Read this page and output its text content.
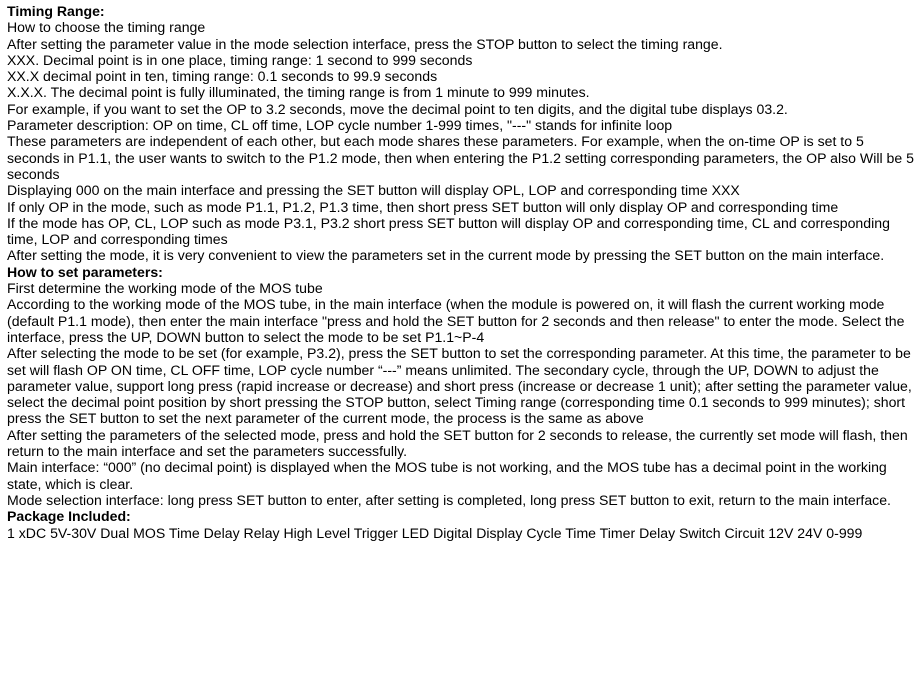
Timing Range:

How to choose the timing range

After setting the parameter value in the mode selection interface, press the STOP button to select the timing range.

XXX. Decimal point is in one place, timing range: 1 second to 999 seconds

XX.X decimal point in ten, timing range: 0.1 seconds to 99.9 seconds

X.X.X. The decimal point is fully illuminated, the timing range is from 1 minute to 999 minutes.

For example, if you want to set the OP to 3.2 seconds, move the decimal point to ten digits, and the digital tube displays 03.2.

Parameter description: OP on time, CL off time, LOP cycle number 1-999 times, "---" stands for infinite loop

These parameters are independent of each other, but each mode shares these parameters. For example, when the on-time OP is set to 5 seconds in P1.1, the user wants to switch to the P1.2 mode, then when entering the P1.2 setting corresponding parameters, the OP also Will be 5 seconds

Displaying 000 on the main interface and pressing the SET button will display OPL, LOP and corresponding time XXX

If only OP in the mode, such as mode P1.1, P1.2, P1.3 time, then short press SET button will only display OP and corresponding time

If the mode has OP, CL, LOP such as mode P3.1, P3.2 short press SET button will display OP and corresponding time, CL and corresponding time, LOP and corresponding times

After setting the mode, it is very convenient to view the parameters set in the current mode by pressing the SET button on the main interface.

How to set parameters:

First determine the working mode of the MOS tube

According to the working mode of the MOS tube, in the main interface (when the module is powered on, it will flash the current working mode (default P1.1 mode), then enter the main interface "press and hold the SET button for 2 seconds and then release" to enter the mode. Select the interface, press the UP, DOWN button to select the mode to be set P1.1~P-4

After selecting the mode to be set (for example, P3.2), press the SET button to set the corresponding parameter. At this time, the parameter to be set will flash OP ON time, CL OFF time, LOP cycle number “---” means unlimited. The secondary cycle, through the UP, DOWN to adjust the parameter value, support long press (rapid increase or decrease) and short press (increase or decrease 1 unit); after setting the parameter value, select the decimal point position by short pressing the STOP button, select Timing range (corresponding time 0.1 seconds to 999 minutes); short press the SET button to set the next parameter of the current mode, the process is the same as above

After setting the parameters of the selected mode, press and hold the SET button for 2 seconds to release, the currently set mode will flash, then return to the main interface and set the parameters successfully.

Main interface: “000” (no decimal point) is displayed when the MOS tube is not working, and the MOS tube has a decimal point in the working state, which is clear.

Mode selection interface: long press SET button to enter, after setting is completed, long press SET button to exit, return to the main interface.

Package Included:

1 xDC 5V-30V Dual MOS Time Delay Relay High Level Trigger LED Digital Display Cycle Time Timer Delay Switch Circuit 12V 24V 0-999
